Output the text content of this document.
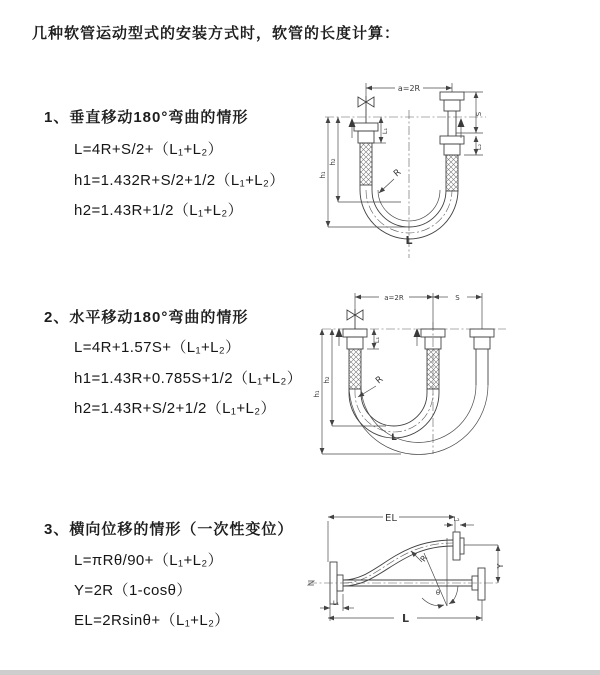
几种软管运动型式的安装方式时，软管的长度计算：
1、垂直移动180°弯曲的情形
L=4R+S/2+（L₁+L₂）
h1=1.432R+S/2+1/2（L₁+L₂）
h2=1.43R+1/2（L₁+L₂）
a=2R
h₁
h₂
L₁
S
L₂
R
L
2、水平移动180°弯曲的情形
L=4R+1.57S+（L₁+L₂）
h1=1.43R+0.785S+1/2（L₁+L₂）
h2=1.43R+S/2+1/2（L₁+L₂）
a=2R	S
h₁
h₂
L₁
R
L
3、横向位移的情形（一次性变位）
L=πRθ/90+（L₁+L₂）
Y=2R（1-cosθ）
EL=2Rsinθ+（L₁+L₂）
EL	L₂
Y
θ
R
L₁
L
